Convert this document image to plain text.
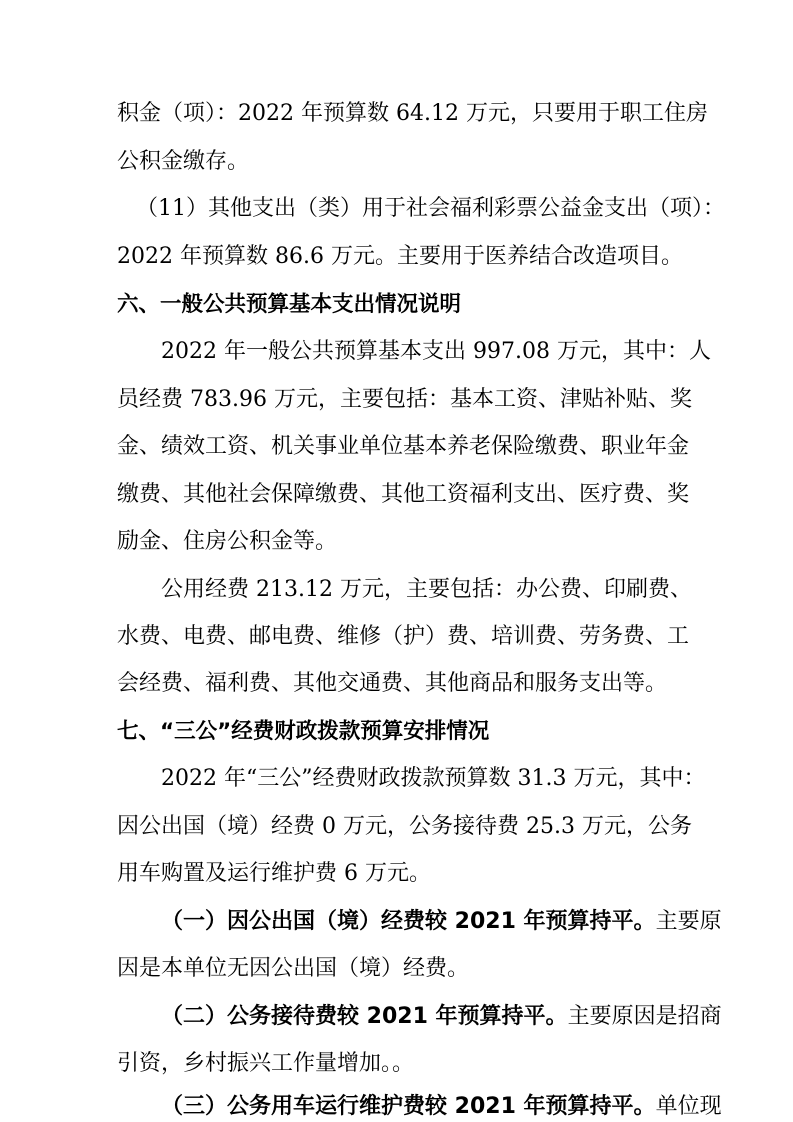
积金（项）：2022 年预算数 64.12 万元，只要用于职工住房
公积金缴存。
（11）其他支出（类）用于社会福利彩票公益金支出（项）：
2022 年预算数 86.6 万元。主要用于医养结合改造项目。
六、一般公共预算基本支出情况说明
2022 年一般公共预算基本支出 997.08 万元，其中：人
员经费 783.96 万元，主要包括：基本工资、津贴补贴、奖
金、绩效工资、机关事业单位基本养老保险缴费、职业年金
缴费、其他社会保障缴费、其他工资福利支出、医疗费、奖
励金、住房公积金等。
公用经费 213.12 万元，主要包括：办公费、印刷费、
水费、电费、邮电费、维修（护）费、培训费、劳务费、工
会经费、福利费、其他交通费、其他商品和服务支出等。
七、“三公”经费财政拨款预算安排情况
2022 年“三公”经费财政拨款预算数 31.3 万元，其中：
因公出国（境）经费 0 万元，公务接待费 25.3 万元，公务
用车购置及运行维护费 6 万元。
（一）因公出国（境）经费较 2021 年预算持平。主要原
因是本单位无因公出国（境）经费。
（二）公务接待费较 2021 年预算持平。主要原因是招商
引资，乡村振兴工作量增加。。
（三）公务用车运行维护费较 2021 年预算持平。单位现
